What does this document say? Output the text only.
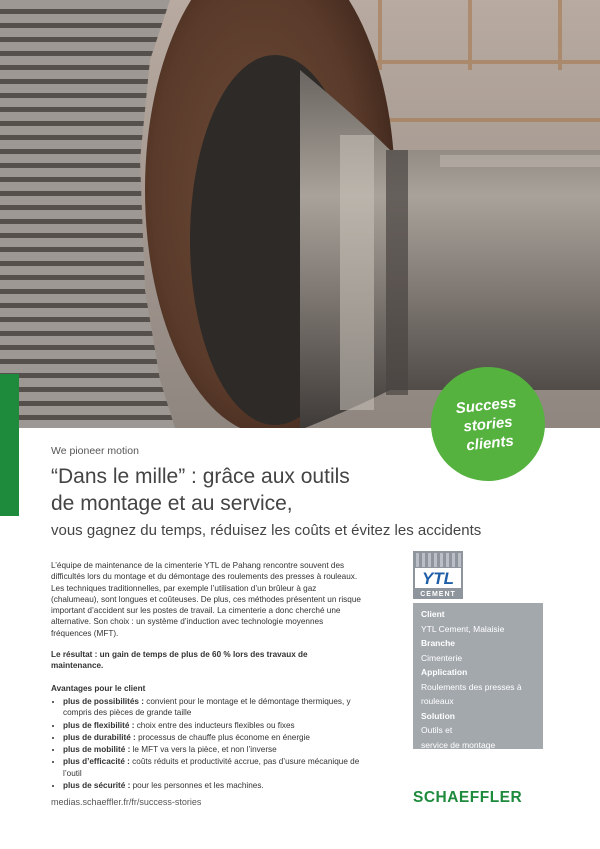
Success
stories
clients
We pioneer motion
“Dans le mille” : grâce aux outils
de montage et au service,
vous gagnez du temps, réduisez les coûts et évitez les accidents

L’équipe de maintenance de la cimenterie YTL de Pahang rencontre souvent des difficultés lors du montage et du démontage des roulements des presses à rouleaux. Les techniques traditionnelles, par exemple l’utilisation d’un brûleur à gaz (chalumeau), sont longues et coûteuses. De plus, ces méthodes présentent un risque important d’accident sur les postes de travail. La cimenterie a donc cherché une alternative. Son choix : un système d’induction avec technologie moyennes fréquences (MFT).

Le résultat : un gain de temps de plus de 60 % lors des travaux de maintenance.

Avantages pour le client

• plus de possibilités : convient pour le montage et le démontage thermiques, y compris des pièces de grande taille
• plus de flexibilité : choix entre des inducteurs flexibles ou fixes
• plus de durabilité : processus de chauffe plus économe en énergie
• plus de mobilité : le MFT va vers la pièce, et non l’inverse
• plus d’efficacité : coûts réduits et productivité accrue, pas d’usure mécanique de l’outil
• plus de sécurité : pour les personnes et les machines.
medias.schaeffler.fr/fr/success-stories
YTL
CEMENT
Client
YTL Cement, Malaisie
Branche
Cimenterie
Application
Roulements des presses à
rouleaux
Solution
Outils et
service de montage
SCHAEFFLER
